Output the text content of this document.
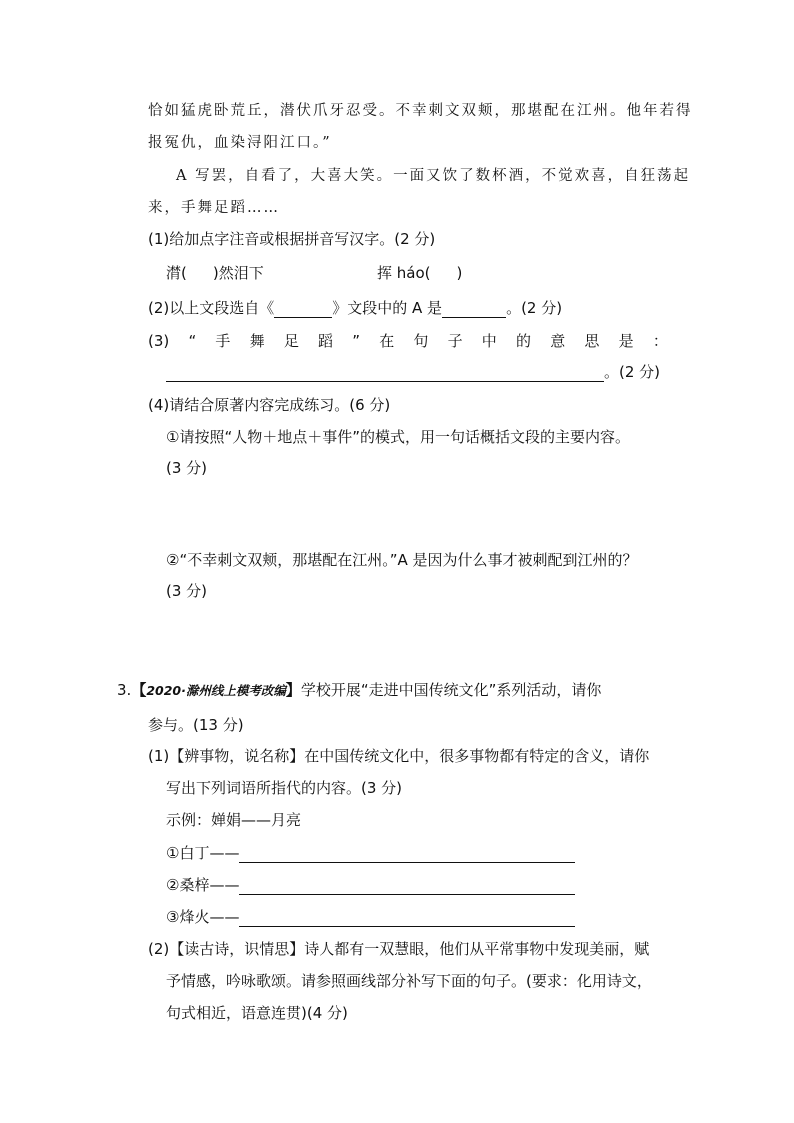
恰如猛虎卧荒丘，潜伏爪牙忍受。不幸刺文双颊，那堪配在江州。他年若得
报冤仇，血染浔阳江口。”
A 写罢，自看了，大喜大笑。一面又饮了数杯酒，不觉欢喜，自狂荡起
来，手舞足蹈……
(1)给加点字注音或根据拼音写汉字。(2 分)
潸( )然泪下	挥 háo( )
(2)以上文段选自《	》文段中的 A 是	。(2 分)
(3) “ 手 舞 足 蹈 ” 在 句 子 中 的 意 思 是 ：
。(2 分)
(4)请结合原著内容完成练习。(6 分)
①请按照“人物＋地点＋事件”的模式，用一句话概括文段的主要内容。
(3 分)
②“不幸刺文双颊，那堪配在江州。”A 是因为什么事才被刺配到江州的？
(3 分)
3.【2020·滁州线上模考改编】学校开展“走进中国传统文化”系列活动，请你
参与。(13 分)
(1)【辨事物，说名称】在中国传统文化中，很多事物都有特定的含义，请你
写出下列词语所指代的内容。(3 分)
示例：婵娟——月亮
①白丁——
②桑梓——
③烽火——
(2)【读古诗，识情思】诗人都有一双慧眼，他们从平常事物中发现美丽，赋
予情感，吟咏歌颂。请参照画线部分补写下面的句子。(要求：化用诗文，
句式相近，语意连贯)(4 分)
